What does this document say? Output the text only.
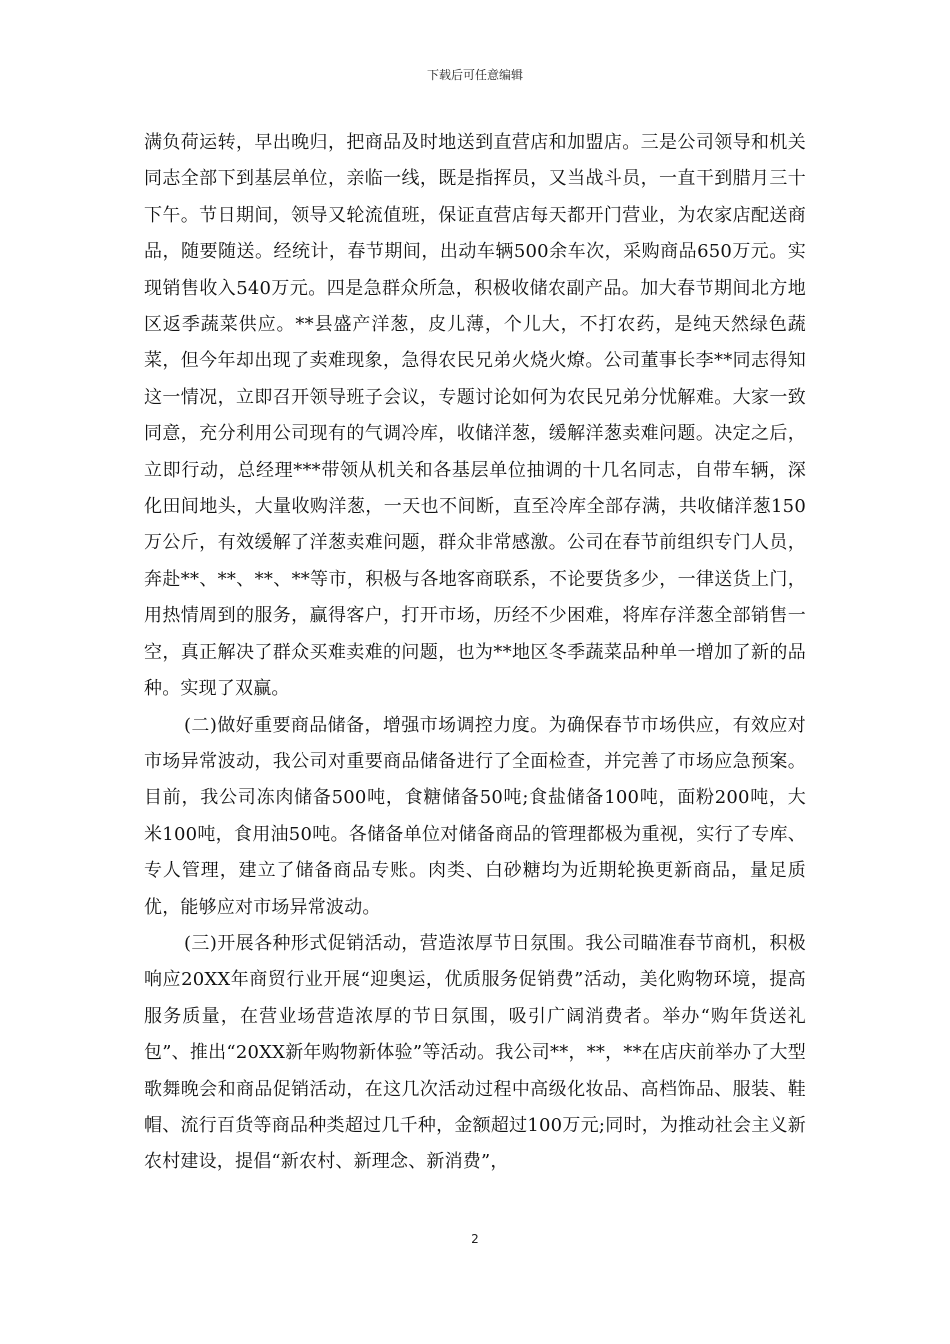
下载后可任意编辑

满负荷运转，早出晚归，把商品及时地送到直营店和加盟店。三是公司领导和机关同志全部下到基层单位，亲临一线，既是指挥员，又当战斗员，一直干到腊月三十下午。节日期间，领导又轮流值班，保证直营店每天都开门营业，为农家店配送商品，随要随送。经统计，春节期间，出动车辆500余车次，采购商品650万元。实现销售收入540万元。四是急群众所急，积极收储农副产品。加大春节期间北方地区返季蔬菜供应。**县盛产洋葱，皮儿薄，个儿大，不打农药，是纯天然绿色蔬菜，但今年却出现了卖难现象，急得农民兄弟火烧火燎。公司董事长李**同志得知这一情况，立即召开领导班子会议，专题讨论如何为农民兄弟分忧解难。大家一致同意，充分利用公司现有的气调冷库，收储洋葱，缓解洋葱卖难问题。决定之后，立即行动，总经理***带领从机关和各基层单位抽调的十几名同志，自带车辆，深化田间地头，大量收购洋葱，一天也不间断，直至冷库全部存满，共收储洋葱150万公斤，有效缓解了洋葱卖难问题，群众非常感激。公司在春节前组织专门人员，奔赴**、**、**、**等市，积极与各地客商联系，不论要货多少，一律送货上门，用热情周到的服务，赢得客户，打开市场，历经不少困难，将库存洋葱全部销售一空，真正解决了群众买难卖难的问题，也为**地区冬季蔬菜品种单一增加了新的品种。实现了双赢。

(二)做好重要商品储备，增强市场调控力度。为确保春节市场供应，有效应对市场异常波动，我公司对重要商品储备进行了全面检查，并完善了市场应急预案。目前，我公司冻肉储备500吨，食糖储备50吨;食盐储备100吨，面粉200吨，大米100吨，食用油50吨。各储备单位对储备商品的管理都极为重视，实行了专库、专人管理，建立了储备商品专账。肉类、白砂糖均为近期轮换更新商品，量足质优，能够应对市场异常波动。

(三)开展各种形式促销活动，营造浓厚节日氛围。我公司瞄准春节商机，积极响应20XX年商贸行业开展“迎奥运，优质服务促销费”活动，美化购物环境，提高服务质量，在营业场营造浓厚的节日氛围，吸引广阔消费者。举办“购年货送礼包”、推出“20XX新年购物新体验”等活动。我公司**，**，**在店庆前举办了大型歌舞晚会和商品促销活动，在这几次活动过程中高级化妆品、高档饰品、服装、鞋帽、流行百货等商品种类超过几千种，金额超过100万元;同时，为推动社会主义新农村建设，提倡“新农村、新理念、新消费”，

2
